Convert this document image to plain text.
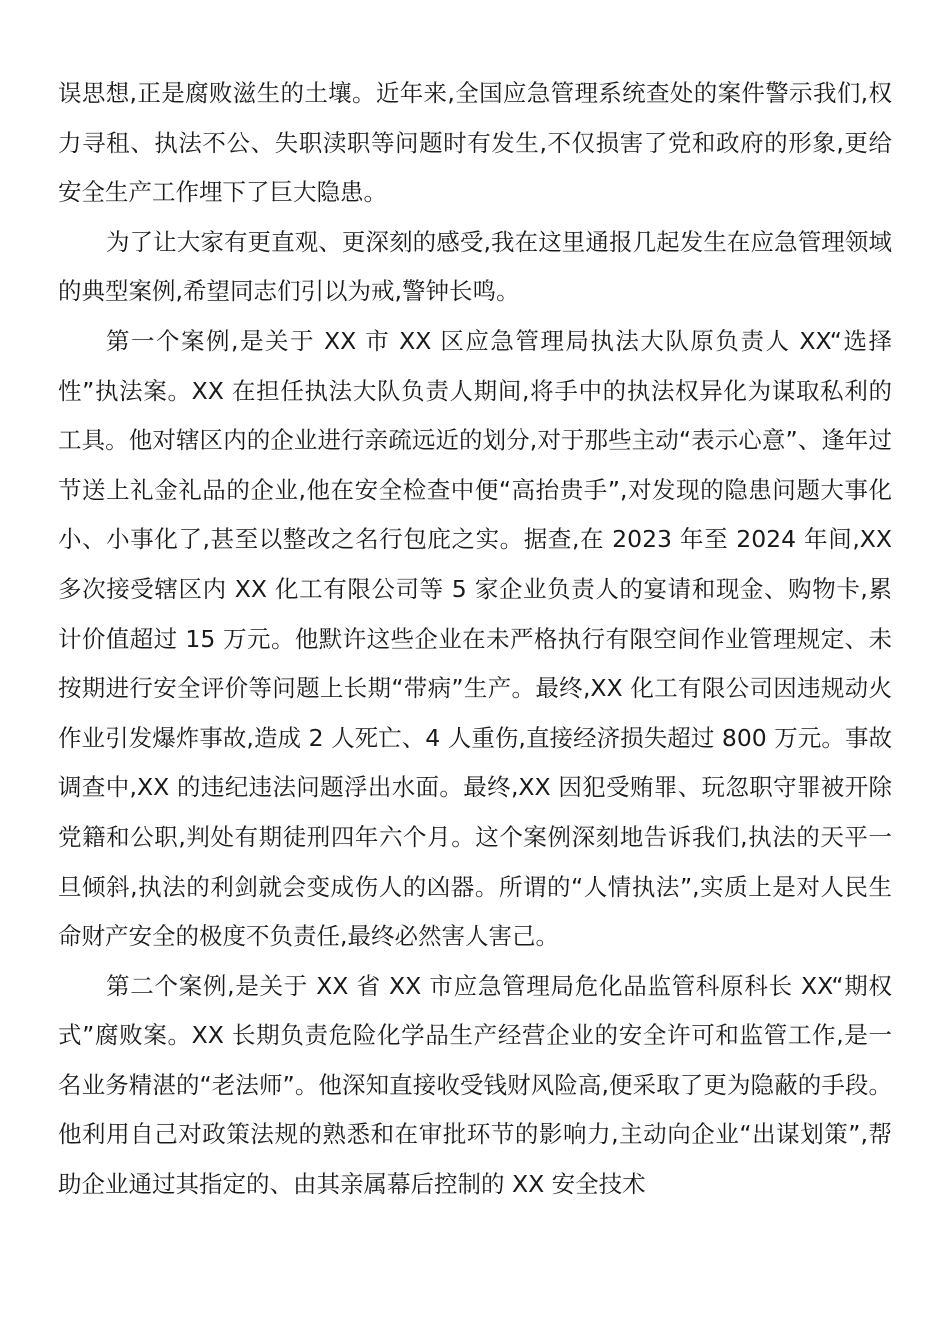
误思想,正是腐败滋生的土壤。近年来,全国应急管理系统查处的案件警示我们,权力寻租、执法不公、失职渎职等问题时有发生,不仅损害了党和政府的形象,更给安全生产工作埋下了巨大隐患。

为了让大家有更直观、更深刻的感受,我在这里通报几起发生在应急管理领域的典型案例,希望同志们引以为戒,警钟长鸣。

第一个案例,是关于 XX 市 XX 区应急管理局执法大队原负责人 XX“选择性”执法案。XX 在担任执法大队负责人期间,将手中的执法权异化为谋取私利的工具。他对辖区内的企业进行亲疏远近的划分,对于那些主动“表示心意”、逢年过节送上礼金礼品的企业,他在安全检查中便“高抬贵手”,对发现的隐患问题大事化小、小事化了,甚至以整改之名行包庇之实。据查,在 2023 年至 2024 年间,XX 多次接受辖区内 XX 化工有限公司等 5 家企业负责人的宴请和现金、购物卡,累计价值超过 15 万元。他默许这些企业在未严格执行有限空间作业管理规定、未按期进行安全评价等问题上长期“带病”生产。最终,XX 化工有限公司因违规动火作业引发爆炸事故,造成 2 人死亡、4 人重伤,直接经济损失超过 800 万元。事故调查中,XX 的违纪违法问题浮出水面。最终,XX 因犯受贿罪、玩忽职守罪被开除党籍和公职,判处有期徒刑四年六个月。这个案例深刻地告诉我们,执法的天平一旦倾斜,执法的利剑就会变成伤人的凶器。所谓的“人情执法”,实质上是对人民生命财产安全的极度不负责任,最终必然害人害己。

第二个案例,是关于 XX 省 XX 市应急管理局危化品监管科原科长 XX“期权式”腐败案。XX 长期负责危险化学品生产经营企业的安全许可和监管工作,是一名业务精湛的“老法师”。他深知直接收受钱财风险高,便采取了更为隐蔽的手段。他利用自己对政策法规的熟悉和在审批环节的影响力,主动向企业“出谋划策”,帮助企业通过其指定的、由其亲属幕后控制的 XX 安全技术
